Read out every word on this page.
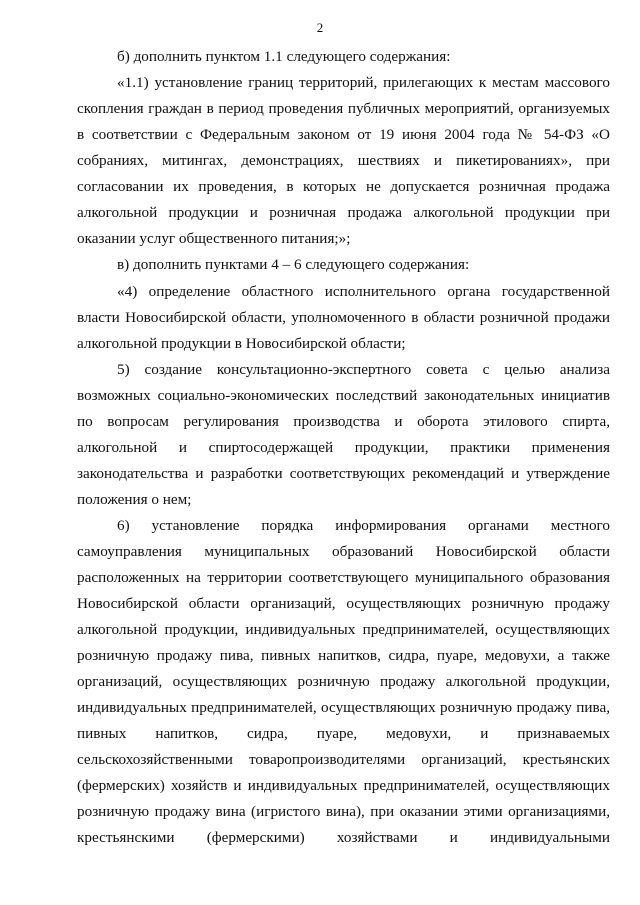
2
б) дополнить пунктом 1.1 следующего содержания:
«1.1) установление границ территорий, прилегающих к местам массового
скопления граждан в период проведения публичных мероприятий, организуемых
в соответствии с Федеральным законом от 19 июня 2004 года № 54-ФЗ «О
собраниях, митингах, демонстрациях, шествиях и пикетированиях», при
согласовании их проведения, в которых не допускается розничная продажа
алкогольной продукции и розничная продажа алкогольной продукции при
оказании услуг общественного питания;»;
в) дополнить пунктами 4 – 6 следующего содержания:
«4) определение областного исполнительного органа государственной
власти Новосибирской области, уполномоченного в области розничной продажи
алкогольной продукции в Новосибирской области;
5) создание консультационно-экспертного совета с целью анализа
возможных социально-экономических последствий законодательных инициатив
по вопросам регулирования производства и оборота этилового спирта,
алкогольной и спиртосодержащей продукции, практики применения
законодательства и разработки соответствующих рекомендаций и утверждение
положения о нем;
6) установление порядка информирования органами местного
самоуправления муниципальных образований Новосибирской области
расположенных на территории соответствующего муниципального образования
Новосибирской области организаций, осуществляющих розничную продажу
алкогольной продукции, индивидуальных предпринимателей, осуществляющих
розничную продажу пива, пивных напитков, сидра, пуаре, медовухи, а также
организаций, осуществляющих розничную продажу алкогольной продукции,
индивидуальных предпринимателей, осуществляющих розничную продажу пива,
пивных напитков, сидра, пуаре, медовухи, и признаваемых
сельскохозяйственными товаропроизводителями организаций, крестьянских
(фермерских) хозяйств и индивидуальных предпринимателей, осуществляющих
розничную продажу вина (игристого вина), при оказании этими организациями,
крестьянскими (фермерскими) хозяйствами и индивидуальными
